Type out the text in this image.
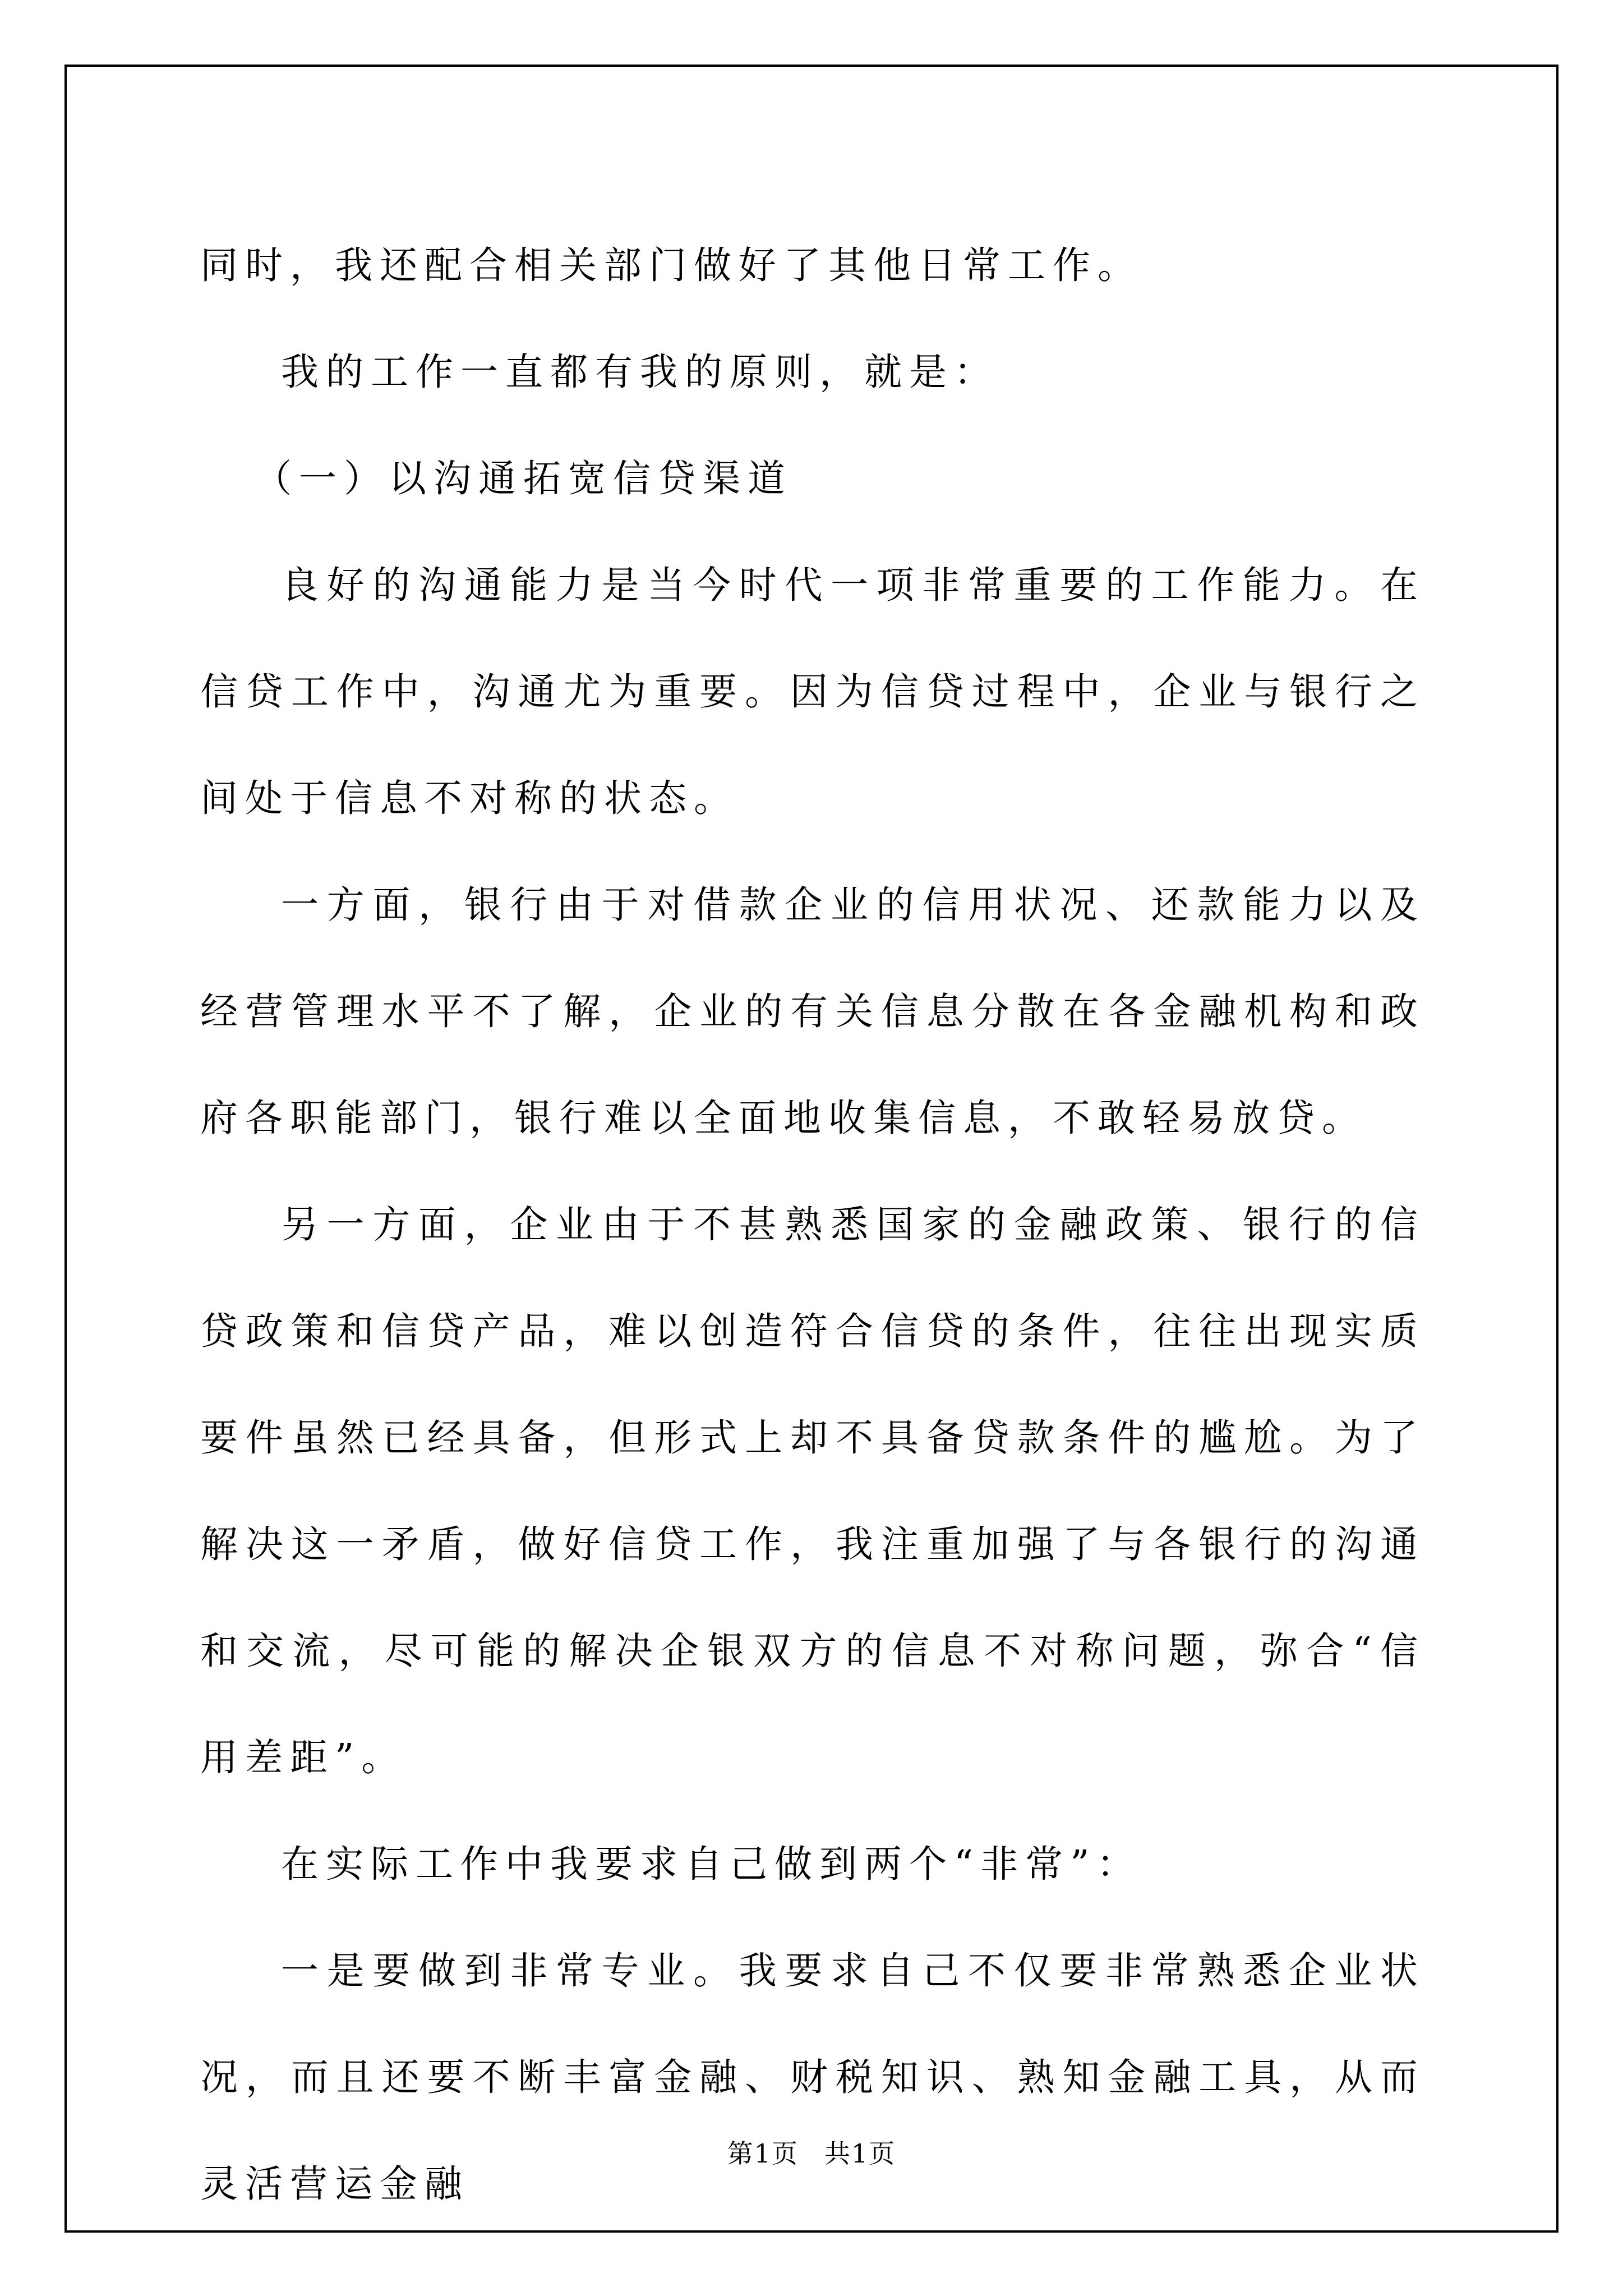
同时，我还配合相关部门做好了其他日常工作。

我的工作一直都有我的原则，就是：

（一）以沟通拓宽信贷渠道

良好的沟通能力是当今时代一项非常重要的工作能力。在信贷工作中，沟通尤为重要。因为信贷过程中，企业与银行之间处于信息不对称的状态。

一方面，银行由于对借款企业的信用状况、还款能力以及经营管理水平不了解，企业的有关信息分散在各金融机构和政府各职能部门，银行难以全面地收集信息，不敢轻易放贷。

另一方面，企业由于不甚熟悉国家的金融政策、银行的信贷政策和信贷产品，难以创造符合信贷的条件，往往出现实质要件虽然已经具备，但形式上却不具备贷款条件的尴尬。为了解决这一矛盾，做好信贷工作，我注重加强了与各银行的沟通和交流，尽可能的解决企银双方的信息不对称问题，弥合“信用差距”。

在实际工作中我要求自己做到两个“非常”：

一是要做到非常专业。我要求自己不仅要非常熟悉企业状况，而且还要不断丰富金融、财税知识、熟知金融工具，从而灵活营运金融

第1页 共1页
